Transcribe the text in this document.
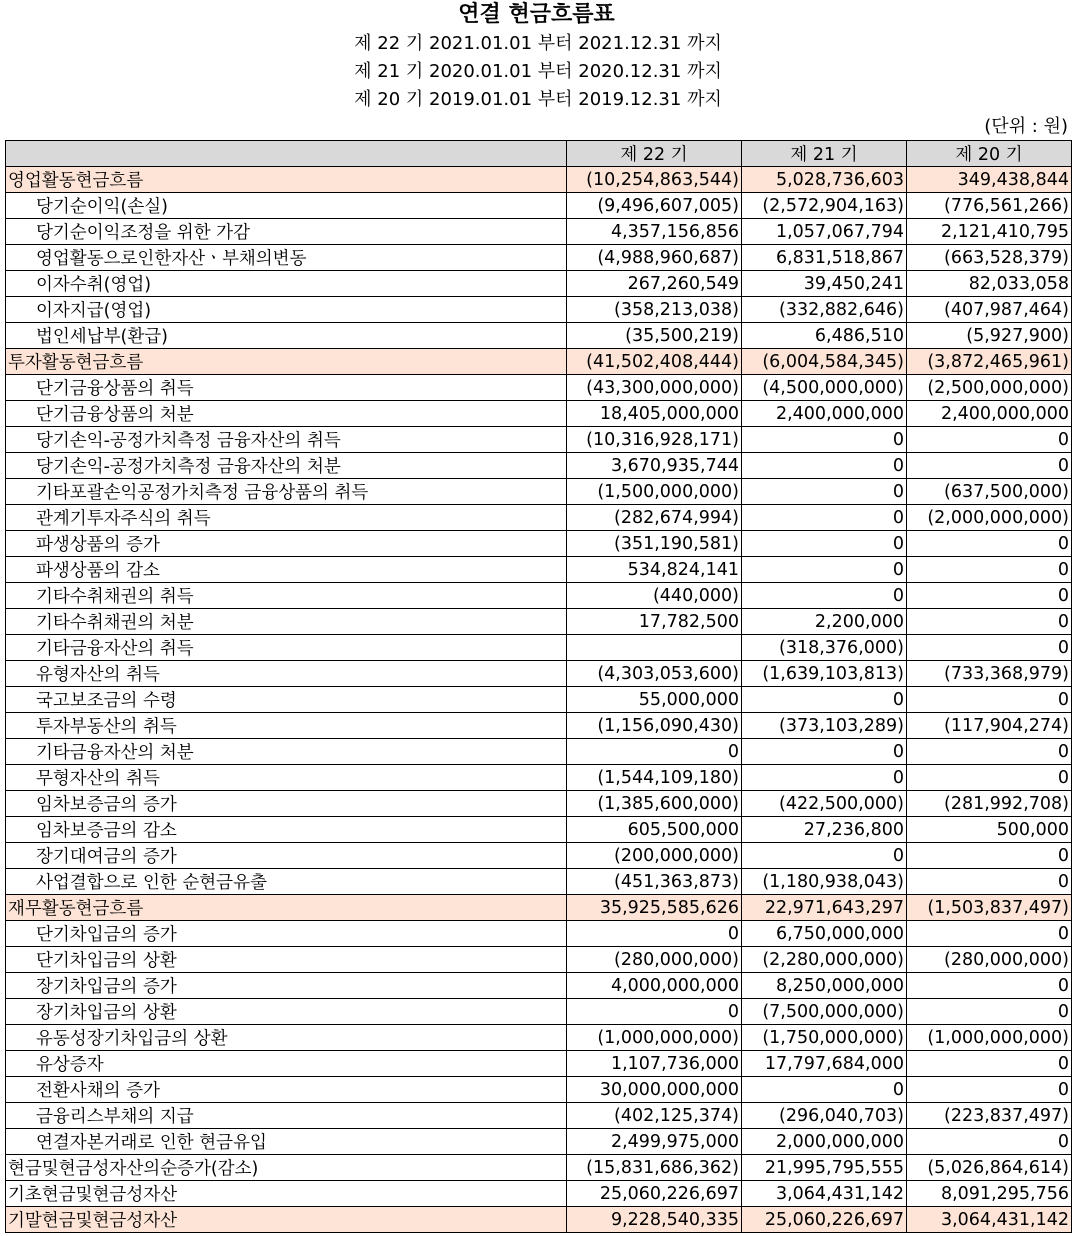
연결 현금흐름표
제 22 기 2021.01.01 부터 2021.12.31 까지
제 21 기 2020.01.01 부터 2020.12.31 까지
제 20 기 2019.01.01 부터 2019.12.31 까지
(단위 : 원)
	제 22 기	제 21 기	제 20 기
영업활동현금흐름	(10,254,863,544)	5,028,736,603	349,438,844
당기순이익(손실)	(9,496,607,005)	(2,572,904,163)	(776,561,266)
당기순이익조정을 위한 가감	4,357,156,856	1,057,067,794	2,121,410,795
영업활동으로인한자산ㆍ부채의변동	(4,988,960,687)	6,831,518,867	(663,528,379)
이자수취(영업)	267,260,549	39,450,241	82,033,058
이자지급(영업)	(358,213,038)	(332,882,646)	(407,987,464)
법인세납부(환급)	(35,500,219)	6,486,510	(5,927,900)
투자활동현금흐름	(41,502,408,444)	(6,004,584,345)	(3,872,465,961)
단기금융상품의 취득	(43,300,000,000)	(4,500,000,000)	(2,500,000,000)
단기금융상품의 처분	18,405,000,000	2,400,000,000	2,400,000,000
당기손익-공정가치측정 금융자산의 취득	(10,316,928,171)	0	0
당기손익-공정가치측정 금융자산의 처분	3,670,935,744	0	0
기타포괄손익공정가치측정 금융상품의 취득	(1,500,000,000)	0	(637,500,000)
관계기투자주식의 취득	(282,674,994)	0	(2,000,000,000)
파생상품의 증가	(351,190,581)	0	0
파생상품의 감소	534,824,141	0	0
기타수취채권의 취득	(440,000)	0	0
기타수취채권의 처분	17,782,500	2,200,000	0
기타금융자산의 취득		(318,376,000)	0
유형자산의 취득	(4,303,053,600)	(1,639,103,813)	(733,368,979)
국고보조금의 수령	55,000,000	0	0
투자부동산의 취득	(1,156,090,430)	(373,103,289)	(117,904,274)
기타금융자산의 처분	0	0	0
무형자산의 취득	(1,544,109,180)	0	0
임차보증금의 증가	(1,385,600,000)	(422,500,000)	(281,992,708)
임차보증금의 감소	605,500,000	27,236,800	500,000
장기대여금의 증가	(200,000,000)	0	0
사업결합으로 인한 순현금유출	(451,363,873)	(1,180,938,043)	0
재무활동현금흐름	35,925,585,626	22,971,643,297	(1,503,837,497)
단기차입금의 증가	0	6,750,000,000	0
단기차입금의 상환	(280,000,000)	(2,280,000,000)	(280,000,000)
장기차입금의 증가	4,000,000,000	8,250,000,000	0
장기차입금의 상환	0	(7,500,000,000)	0
유동성장기차입금의 상환	(1,000,000,000)	(1,750,000,000)	(1,000,000,000)
유상증자	1,107,736,000	17,797,684,000	0
전환사채의 증가	30,000,000,000	0	0
금융리스부채의 지급	(402,125,374)	(296,040,703)	(223,837,497)
연결자본거래로 인한 현금유입	2,499,975,000	2,000,000,000	0
현금및현금성자산의순증가(감소)	(15,831,686,362)	21,995,795,555	(5,026,864,614)
기초현금및현금성자산	25,060,226,697	3,064,431,142	8,091,295,756
기말현금및현금성자산	9,228,540,335	25,060,226,697	3,064,431,142
